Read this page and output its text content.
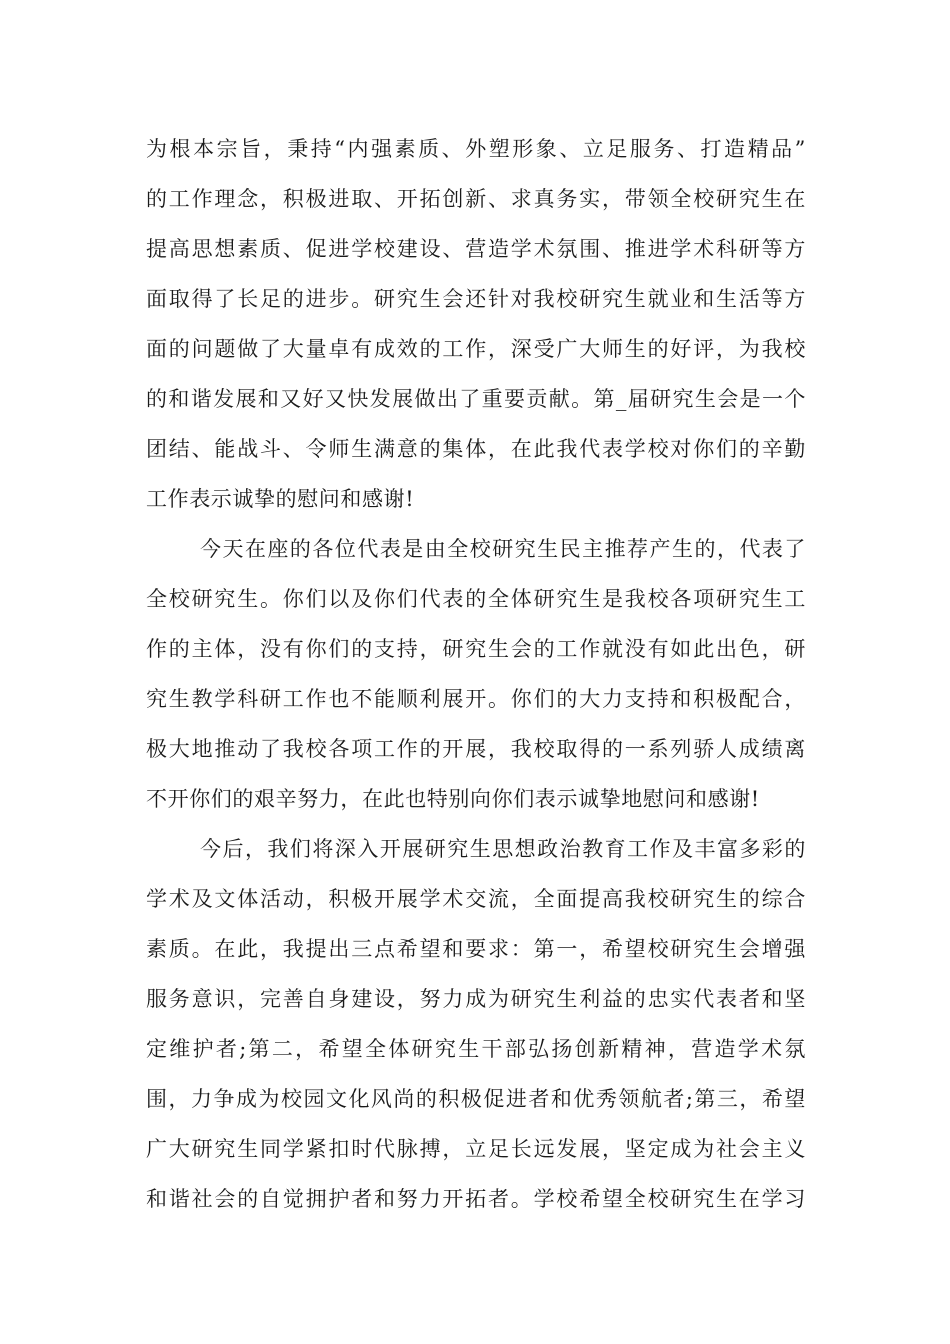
为根本宗旨，秉持“内强素质、外塑形象、立足服务、打造精品”
的工作理念，积极进取、开拓创新、求真务实，带领全校研究生在
提高思想素质、促进学校建设、营造学术氛围、推进学术科研等方
面取得了长足的进步。研究生会还针对我校研究生就业和生活等方
面的问题做了大量卓有成效的工作，深受广大师生的好评，为我校
的和谐发展和又好又快发展做出了重要贡献。第_届研究生会是一个
团结、能战斗、令师生满意的集体，在此我代表学校对你们的辛勤
工作表示诚挚的慰问和感谢!
今天在座的各位代表是由全校研究生民主推荐产生的，代表了
全校研究生。你们以及你们代表的全体研究生是我校各项研究生工
作的主体，没有你们的支持，研究生会的工作就没有如此出色，研
究生教学科研工作也不能顺利展开。你们的大力支持和积极配合，
极大地推动了我校各项工作的开展，我校取得的一系列骄人成绩离
不开你们的艰辛努力，在此也特别向你们表示诚挚地慰问和感谢!
今后，我们将深入开展研究生思想政治教育工作及丰富多彩的
学术及文体活动，积极开展学术交流，全面提高我校研究生的综合
素质。在此，我提出三点希望和要求：第一，希望校研究生会增强
服务意识，完善自身建设，努力成为研究生利益的忠实代表者和坚
定维护者;第二，希望全体研究生干部弘扬创新精神，营造学术氛
围，力争成为校园文化风尚的积极促进者和优秀领航者;第三，希望
广大研究生同学紧扣时代脉搏，立足长远发展，坚定成为社会主义
和谐社会的自觉拥护者和努力开拓者。学校希望全校研究生在学习
